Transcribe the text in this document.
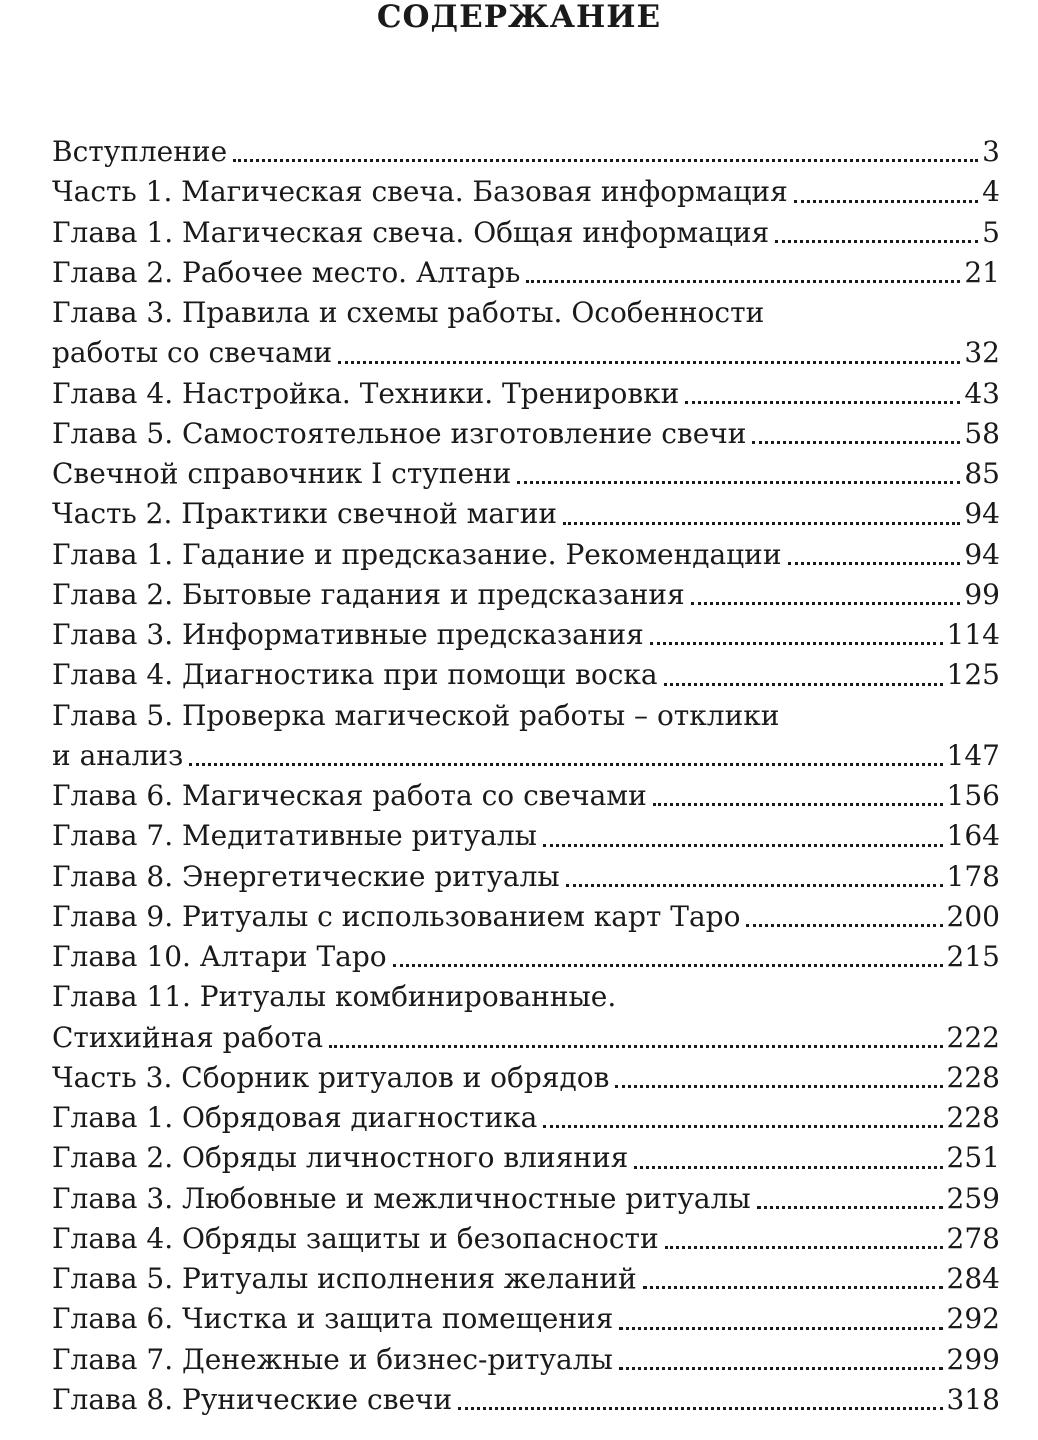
СОДЕРЖАНИЕ
Вступление	3
Часть 1. Магическая свеча. Базовая информация	4
Глава 1. Магическая свеча. Общая информация	5
Глава 2. Рабочее место. Алтарь	21
Глава 3. Правила и схемы работы. Особенности
работы со свечами	32
Глава 4. Настройка. Техники. Тренировки	43
Глава 5. Самостоятельное изготовление свечи	58
Свечной справочник I ступени	85
Часть 2. Практики свечной магии	94
Глава 1. Гадание и предсказание. Рекомендации	94
Глава 2. Бытовые гадания и предсказания	99
Глава 3. Информативные предсказания	114
Глава 4. Диагностика при помощи воска	125
Глава 5. Проверка магической работы – отклики
и анализ	147
Глава 6. Магическая работа со свечами	156
Глава 7. Медитативные ритуалы	164
Глава 8. Энергетические ритуалы	178
Глава 9. Ритуалы с использованием карт Таро	200
Глава 10. Алтари Таро	215
Глава 11. Ритуалы комбинированные.
Стихийная работа	222
Часть 3. Сборник ритуалов и обрядов	228
Глава 1. Обрядовая диагностика	228
Глава 2. Обряды личностного влияния	251
Глава 3. Любовные и межличностные ритуалы	259
Глава 4. Обряды защиты и безопасности	278
Глава 5. Ритуалы исполнения желаний	284
Глава 6. Чистка и защита помещения	292
Глава 7. Денежные и бизнес-ритуалы	299
Глава 8. Рунические свечи	318
